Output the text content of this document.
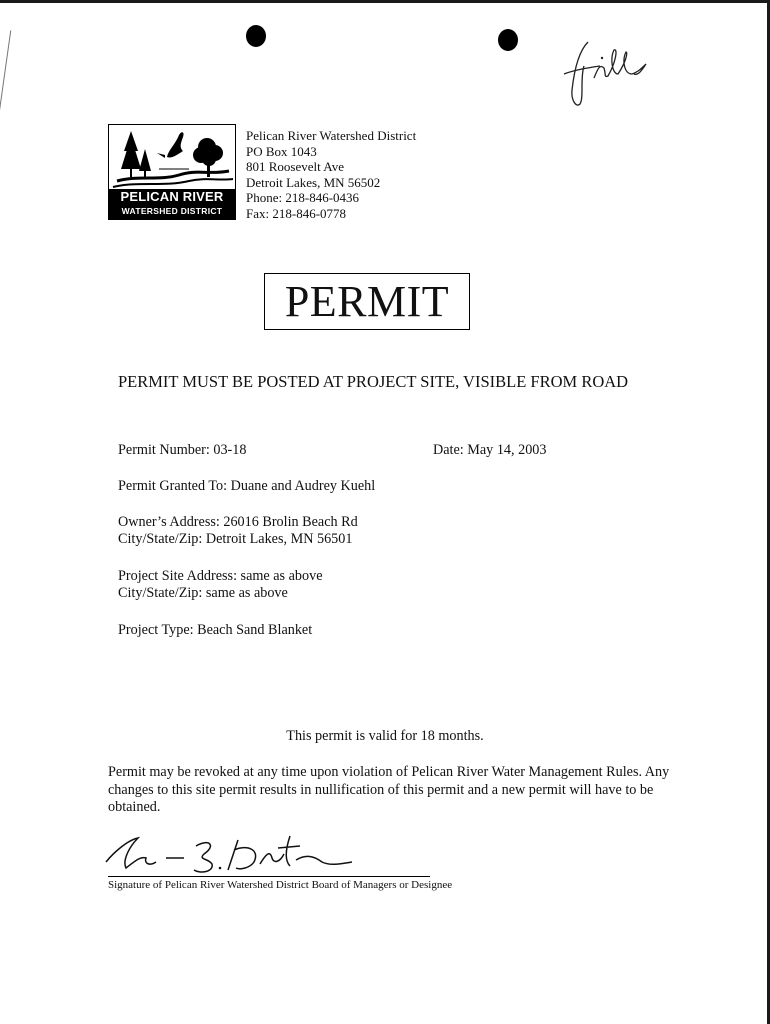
PELICAN RIVER
WATERSHED DISTRICT
Pelican River Watershed District
PO Box 1043
801 Roosevelt Ave
Detroit Lakes, MN 56502
Phone: 218-846-0436
Fax: 218-846-0778
PERMIT
PERMIT MUST BE POSTED AT PROJECT SITE, VISIBLE FROM ROAD
Permit Number: 03-18	Date: May 14, 2003
Permit Granted To: Duane and Audrey Kuehl
Owner’s Address: 26016 Brolin Beach Rd
City/State/Zip: Detroit Lakes, MN 56501
Project Site Address: same as above
City/State/Zip: same as above
Project Type: Beach Sand Blanket
This permit is valid for 18 months.
Permit may be revoked at any time upon violation of Pelican River Water Management Rules. Any changes to this site permit results in nullification of this permit and a new permit will have to be obtained.
Signature of Pelican River Watershed District Board of Managers or Designee
